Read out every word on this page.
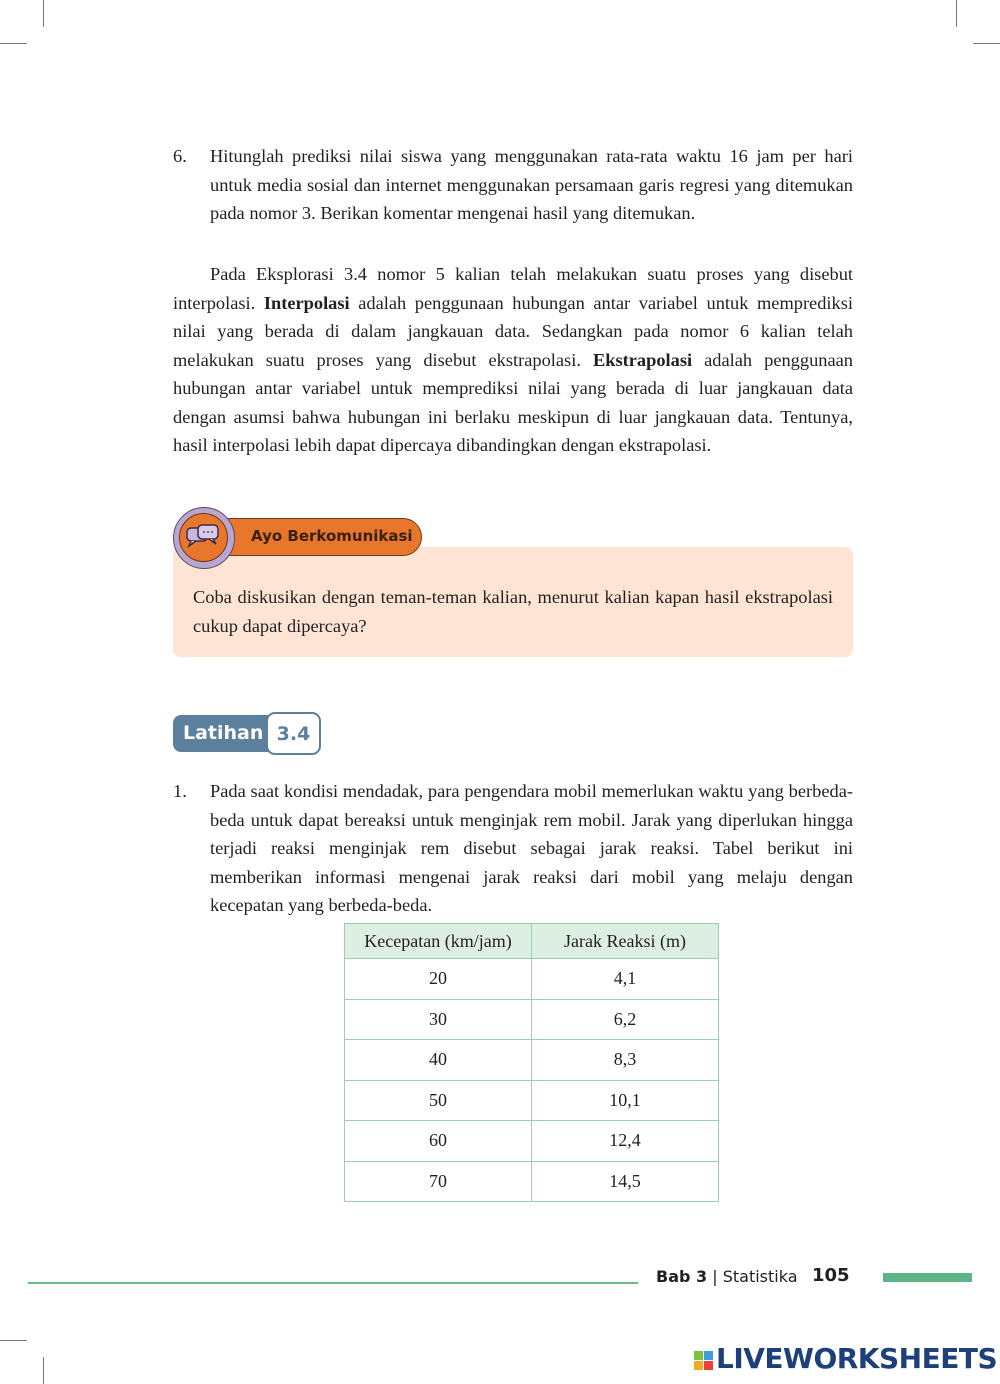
6. Hitunglah prediksi nilai siswa yang menggunakan rata-rata waktu 16 jam per hari untuk media sosial dan internet menggunakan persamaan garis regresi yang ditemukan pada nomor 3. Berikan komentar mengenai hasil yang ditemukan.
Pada Eksplorasi 3.4 nomor 5 kalian telah melakukan suatu proses yang disebut interpolasi. Interpolasi adalah penggunaan hubungan antar variabel untuk memprediksi nilai yang berada di dalam jangkauan data. Sedangkan pada nomor 6 kalian telah melakukan suatu proses yang disebut ekstrapolasi. Ekstrapolasi adalah penggunaan hubungan antar variabel untuk memprediksi nilai yang berada di luar jangkauan data dengan asumsi bahwa hubungan ini berlaku meskipun di luar jangkauan data. Tentunya, hasil interpolasi lebih dapat dipercaya dibandingkan dengan ekstrapolasi.
Coba diskusikan dengan teman-teman kalian, menurut kalian kapan hasil ekstrapolasi cukup dapat dipercaya?
Ayo Berkomunikasi
Latihan 3.4
1. Pada saat kondisi mendadak, para pengendara mobil memerlukan waktu yang berbeda-beda untuk dapat bereaksi untuk menginjak rem mobil. Jarak yang diperlukan hingga terjadi reaksi menginjak rem disebut sebagai jarak reaksi. Tabel berikut ini memberikan informasi mengenai jarak reaksi dari mobil yang melaju dengan kecepatan yang berbeda-beda.
Kecepatan (km/jam)	Jarak Reaksi (m)
20	4,1
30	6,2
40	8,3
50	10,1
60	12,4
70	14,5
Bab 3 | Statistika 105
LIVEWORKSHEETS
